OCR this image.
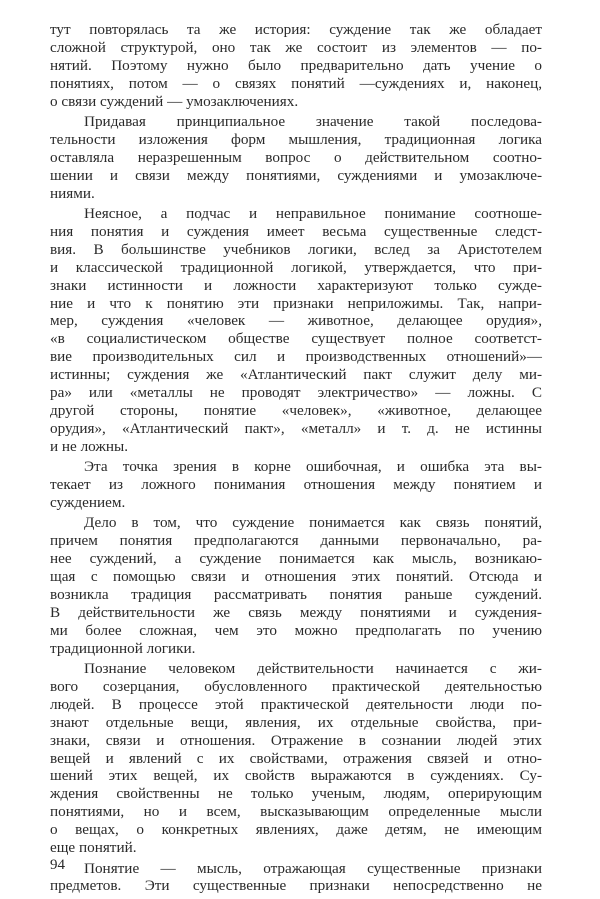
тут повторялась та же история: суждение так же обладает
сложной структурой, оно так же состоит из элементов — по-
нятий. Поэтому нужно было предварительно дать учение о
понятиях, потом — о связях понятий —суждениях и, наконец,
о связи суждений — умозаключениях.
Придавая принципиальное значение такой последова-
тельности изложения форм мышления, традиционная логика
оставляла неразрешенным вопрос о действительном соотно-
шении и связи между понятиями, суждениями и умозаключе-
ниями.
Неясное, а подчас и неправильное понимание соотноше-
ния понятия и суждения имеет весьма существенные следст-
вия. В большинстве учебников логики, вслед за Аристотелем
и классической традиционной логикой, утверждается, что при-
знаки истинности и ложности характеризуют только сужде-
ние и что к понятию эти признаки неприложимы. Так, напри-
мер, суждения «человек — животное, делающее орудия»,
«в социалистическом обществе существует полное соответст-
вие производительных сил и производственных отношений»—
истинны; суждения же «Атлантический пакт служит делу ми-
ра» или «металлы не проводят электричество» — ложны. С
другой стороны, понятие «человек», «животное, делающее
орудия», «Атлантический пакт», «металл» и т. д. не истинны
и не ложны.
Эта точка зрения в корне ошибочная, и ошибка эта вы-
текает из ложного понимания отношения между понятием и
суждением.
Дело в том, что суждение понимается как связь понятий,
причем понятия предполагаются данными первоначально, ра-
нее суждений, а суждение понимается как мысль, возникаю-
щая с помощью связи и отношения этих понятий. Отсюда и
возникла традиция рассматривать понятия раньше суждений.
В действительности же связь между понятиями и суждения-
ми более сложная, чем это можно предполагать по учению
традиционной логики.
Познание человеком действительности начинается с жи-
вого созерцания, обусловленного практической деятельностью
людей. В процессе этой практической деятельности люди по-
знают отдельные вещи, явления, их отдельные свойства, при-
знаки, связи и отношения. Отражение в сознании людей этих
вещей и явлений с их свойствами, отражения связей и отно-
шений этих вещей, их свойств выражаются в суждениях. Су-
ждения свойственны не только ученым, людям, оперирующим
понятиями, но и всем, высказывающим определенные мысли
о вещах, о конкретных явлениях, даже детям, не имеющим
еще понятий.
Понятие — мысль, отражающая существенные признаки
предметов. Эти существенные признаки непосредственно не
94
